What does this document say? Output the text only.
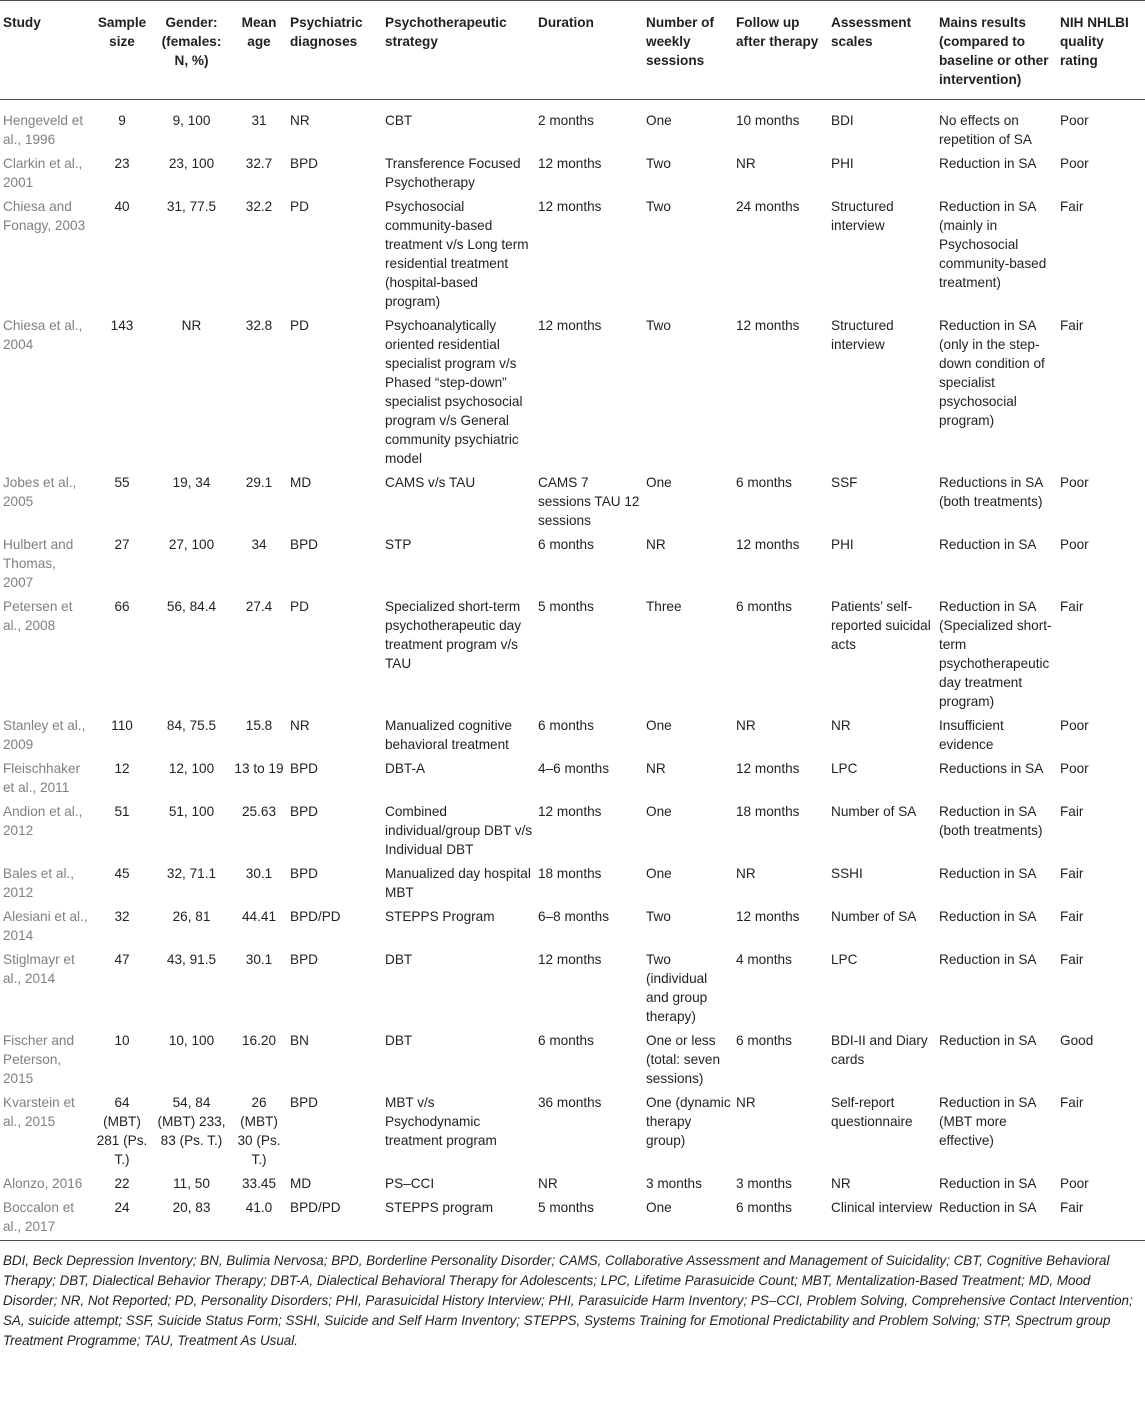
Study	Sample size	Gender: (females: N, %)	Mean age	Psychiatric diagnoses	Psychotherapeutic strategy	Duration	Number of weekly sessions	Follow up after therapy	Assessment scales	Mains results (compared to baseline or other intervention)	NIH NHLBI quality rating
Hengeveld et al., 1996	9	9, 100	31	NR	CBT	2 months	One	10 months	BDI	No effects on repetition of SA	Poor
Clarkin et al., 2001	23	23, 100	32.7	BPD	Transference Focused Psychotherapy	12 months	Two	NR	PHI	Reduction in SA	Poor
Chiesa and Fonagy, 2003	40	31, 77.5	32.2	PD	Psychosocial community-based treatment v/s Long term residential treatment (hospital-based program)	12 months	Two	24 months	Structured interview	Reduction in SA (mainly in Psychosocial community-based treatment)	Fair
Chiesa et al., 2004	143	NR	32.8	PD	Psychoanalytically oriented residential specialist program v/s Phased “step-down” specialist psychosocial program v/s General community psychiatric model	12 months	Two	12 months	Structured interview	Reduction in SA (only in the step-down condition of specialist psychosocial program)	Fair
Jobes et al., 2005	55	19, 34	29.1	MD	CAMS v/s TAU	CAMS 7 sessions TAU 12 sessions	One	6 months	SSF	Reductions in SA (both treatments)	Poor
Hulbert and Thomas, 2007	27	27, 100	34	BPD	STP	6 months	NR	12 months	PHI	Reduction in SA	Poor
Petersen et al., 2008	66	56, 84.4	27.4	PD	Specialized short-term psychotherapeutic day treatment program v/s TAU	5 months	Three	6 months	Patients’ self-reported suicidal acts	Reduction in SA (Specialized short-term psychotherapeutic day treatment program)	Fair
Stanley et al., 2009	110	84, 75.5	15.8	NR	Manualized cognitive behavioral treatment	6 months	One	NR	NR	Insufficient evidence	Poor
Fleischhaker et al., 2011	12	12, 100	13 to 19	BPD	DBT-A	4–6 months	NR	12 months	LPC	Reductions in SA	Poor
Andion et al., 2012	51	51, 100	25.63	BPD	Combined individual/group DBT v/s Individual DBT	12 months	One	18 months	Number of SA	Reduction in SA (both treatments)	Fair
Bales et al., 2012	45	32, 71.1	30.1	BPD	Manualized day hospital MBT	18 months	One	NR	SSHI	Reduction in SA	Fair
Alesiani et al., 2014	32	26, 81	44.41	BPD/PD	STEPPS Program	6–8 months	Two	12 months	Number of SA	Reduction in SA	Fair
Stiglmayr et al., 2014	47	43, 91.5	30.1	BPD	DBT	12 months	Two (individual and group therapy)	4 months	LPC	Reduction in SA	Fair
Fischer and Peterson, 2015	10	10, 100	16.20	BN	DBT	6 months	One or less (total: seven sessions)	6 months	BDI-II and Diary cards	Reduction in SA	Good
Kvarstein et al., 2015	64 (MBT) 281 (Ps. T.)	54, 84 (MBT) 233, 83 (Ps. T.)	26 (MBT) 30 (Ps. T.)	BPD	MBT v/s Psychodynamic treatment program	36 months	One (dynamic therapy group)	NR	Self-report questionnaire	Reduction in SA (MBT more effective)	Fair
Alonzo, 2016	22	11, 50	33.45	MD	PS–CCI	NR	3 months	3 months	NR	Reduction in SA	Poor
Boccalon et al., 2017	24	20, 83	41.0	BPD/PD	STEPPS program	5 months	One	6 months	Clinical interview	Reduction in SA	Fair
BDI, Beck Depression Inventory; BN, Bulimia Nervosa; BPD, Borderline Personality Disorder; CAMS, Collaborative Assessment and Management of Suicidality; CBT, Cognitive Behavioral Therapy; DBT, Dialectical Behavior Therapy; DBT-A, Dialectical Behavioral Therapy for Adolescents; LPC, Lifetime Parasuicide Count; MBT, Mentalization-Based Treatment; MD, Mood Disorder; NR, Not Reported; PD, Personality Disorders; PHI, Parasuicidal History Interview; PHI, Parasuicide Harm Inventory; PS–CCI, Problem Solving, Comprehensive Contact Intervention; SA, suicide attempt; SSF, Suicide Status Form; SSHI, Suicide and Self Harm Inventory; STEPPS, Systems Training for Emotional Predictability and Problem Solving; STP, Spectrum group Treatment Programme; TAU, Treatment As Usual.
